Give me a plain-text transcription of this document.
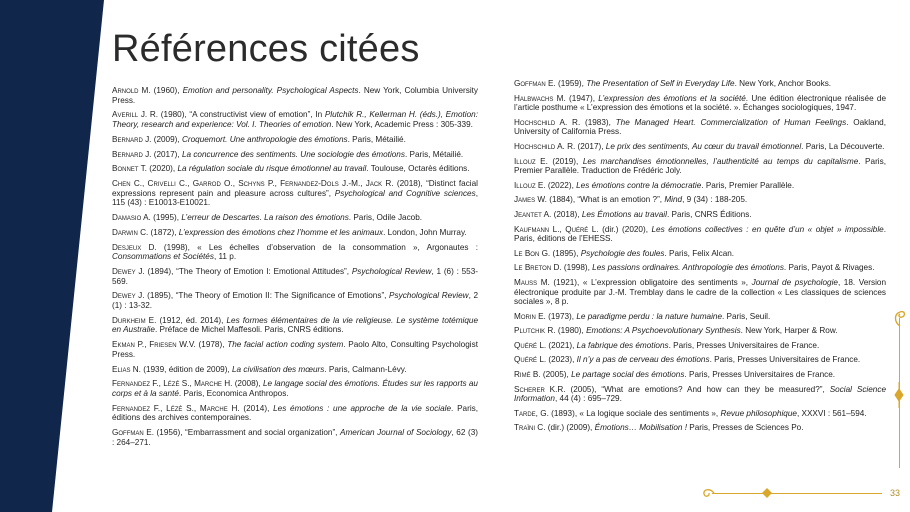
Références citées
Arnold M. (1960), Emotion and personality. Psychological Aspects. New York, Columbia University Press.
Averill J. R. (1980), “A constructivist view of emotion”, In Plutchik R., Kellerman H. (éds.), Emotion: Theory, research and experience: Vol. I. Theories of emotion. New York, Academic Press : 305-339.
Bernard J. (2009), Croquemort. Une anthropologie des émotions. Paris, Métailié.
Bernard J. (2017), La concurrence des sentiments. Une sociologie des émotions. Paris, Métailié.
Bonnet T. (2020), La régulation sociale du risque émotionnel au travail. Toulouse, Octarès éditions.
Chen C., Crivelli C., Garrod O., Schyns P., Fernandez-Dols J.-M., Jack R. (2018), “Distinct facial expressions represent pain and pleasure across cultures”, Psychological and Cognitive sciences, 115 (43) : E10013-E10021.
Damasio A. (1995), L’erreur de Descartes. La raison des émotions. Paris, Odile Jacob.
Darwin C. (1872), L’expression des émotions chez l’homme et les animaux. London, John Murray.
Desjeux D. (1998), « Les échelles d’observation de la consommation », Argonautes : Consommations et Sociétés, 11 p.
Dewey J. (1894), “The Theory of Emotion I: Emotional Attitudes”, Psychological Review, 1 (6) : 553-569.
Dewey J. (1895), “The Theory of Emotion II: The Significance of Emotions”, Psychological Review, 2 (1) : 13-32.
Durkheim E. (1912, éd. 2014), Les formes élémentaires de la vie religieuse. Le système totémique en Australie. Préface de Michel Maffesoli. Paris, CNRS éditions.
Ekman P., Friesen W.V. (1978), The facial action coding system. Paolo Alto, Consulting Psychologist Press.
Elias N. (1939, édition de 2009), La civilisation des mœurs. Paris, Calmann-Lévy.
Fernandez F., Lézé S., Marche H. (2008), Le langage social des émotions. Études sur les rapports au corps et à la santé. Paris, Economica Anthropos.
Fernandez F., Lézé S., Marche H. (2014), Les émotions : une approche de la vie sociale. Paris, éditions des archives contemporaines.
Goffman E. (1956), “Embarrassment and social organization”, American Journal of Sociology, 62 (3) : 264–271.
Goffman E. (1959), The Presentation of Self in Everyday Life. New York, Anchor Books.
Halbwachs M. (1947), L’expression des émotions et la société. Une édition électronique réalisée de l’article posthume « L’expression des émotions et la société. ». Échanges sociologiques, 1947.
Hochschild A. R. (1983), The Managed Heart. Commercialization of Human Feelings. Oakland, University of California Press.
Hochschild A. R. (2017), Le prix des sentiments, Au cœur du travail émotionnel. Paris, La Découverte.
Illouz E. (2019), Les marchandises émotionnelles, l’authenticité au temps du capitalisme. Paris, Premier Parallèle. Traduction de Frédéric Joly.
Illouz E. (2022), Les émotions contre la démocratie. Paris, Premier Parallèle.
James W. (1884), “What is an emotion ?”, Mind, 9 (34) : 188-205.
Jeantet A. (2018), Les Émotions au travail. Paris, CNRS Éditions.
Kaufmann L., Quéré L. (dir.) (2020), Les émotions collectives : en quête d’un « objet » impossible. Paris, éditions de l’EHESS.
Le Bon G. (1895), Psychologie des foules. Paris, Felix Alcan.
Le Breton D. (1998), Les passions ordinaires. Anthropologie des émotions. Paris, Payot & Rivages.
Mauss M. (1921), « L’expression obligatoire des sentiments », Journal de psychologie, 18. Version électronique produite par J.-M. Tremblay dans le cadre de la collection « Les classiques de sciences sociales », 8 p.
Morin E. (1973), Le paradigme perdu : la nature humaine. Paris, Seuil.
Plutchik R. (1980), Emotions: A Psychoevolutionary Synthesis. New York, Harper & Row.
Quéré L. (2021), La fabrique des émotions. Paris, Presses Universitaires de France.
Quéré L. (2023), Il n’y a pas de cerveau des émotions. Paris, Presses Universitaires de France.
Rimé B. (2005), Le partage social des émotions. Paris, Presses Universitaires de France.
Scherer K.R. (2005), “What are emotions? And how can they be measured?”, Social Science Information, 44 (4) : 695–729.
Tarde, G. (1893), « La logique sociale des sentiments », Revue philosophique, XXXVI : 561–594.
Traïni C. (dir.) (2009), Émotions… Mobilisation ! Paris, Presses de Sciences Po.
33
